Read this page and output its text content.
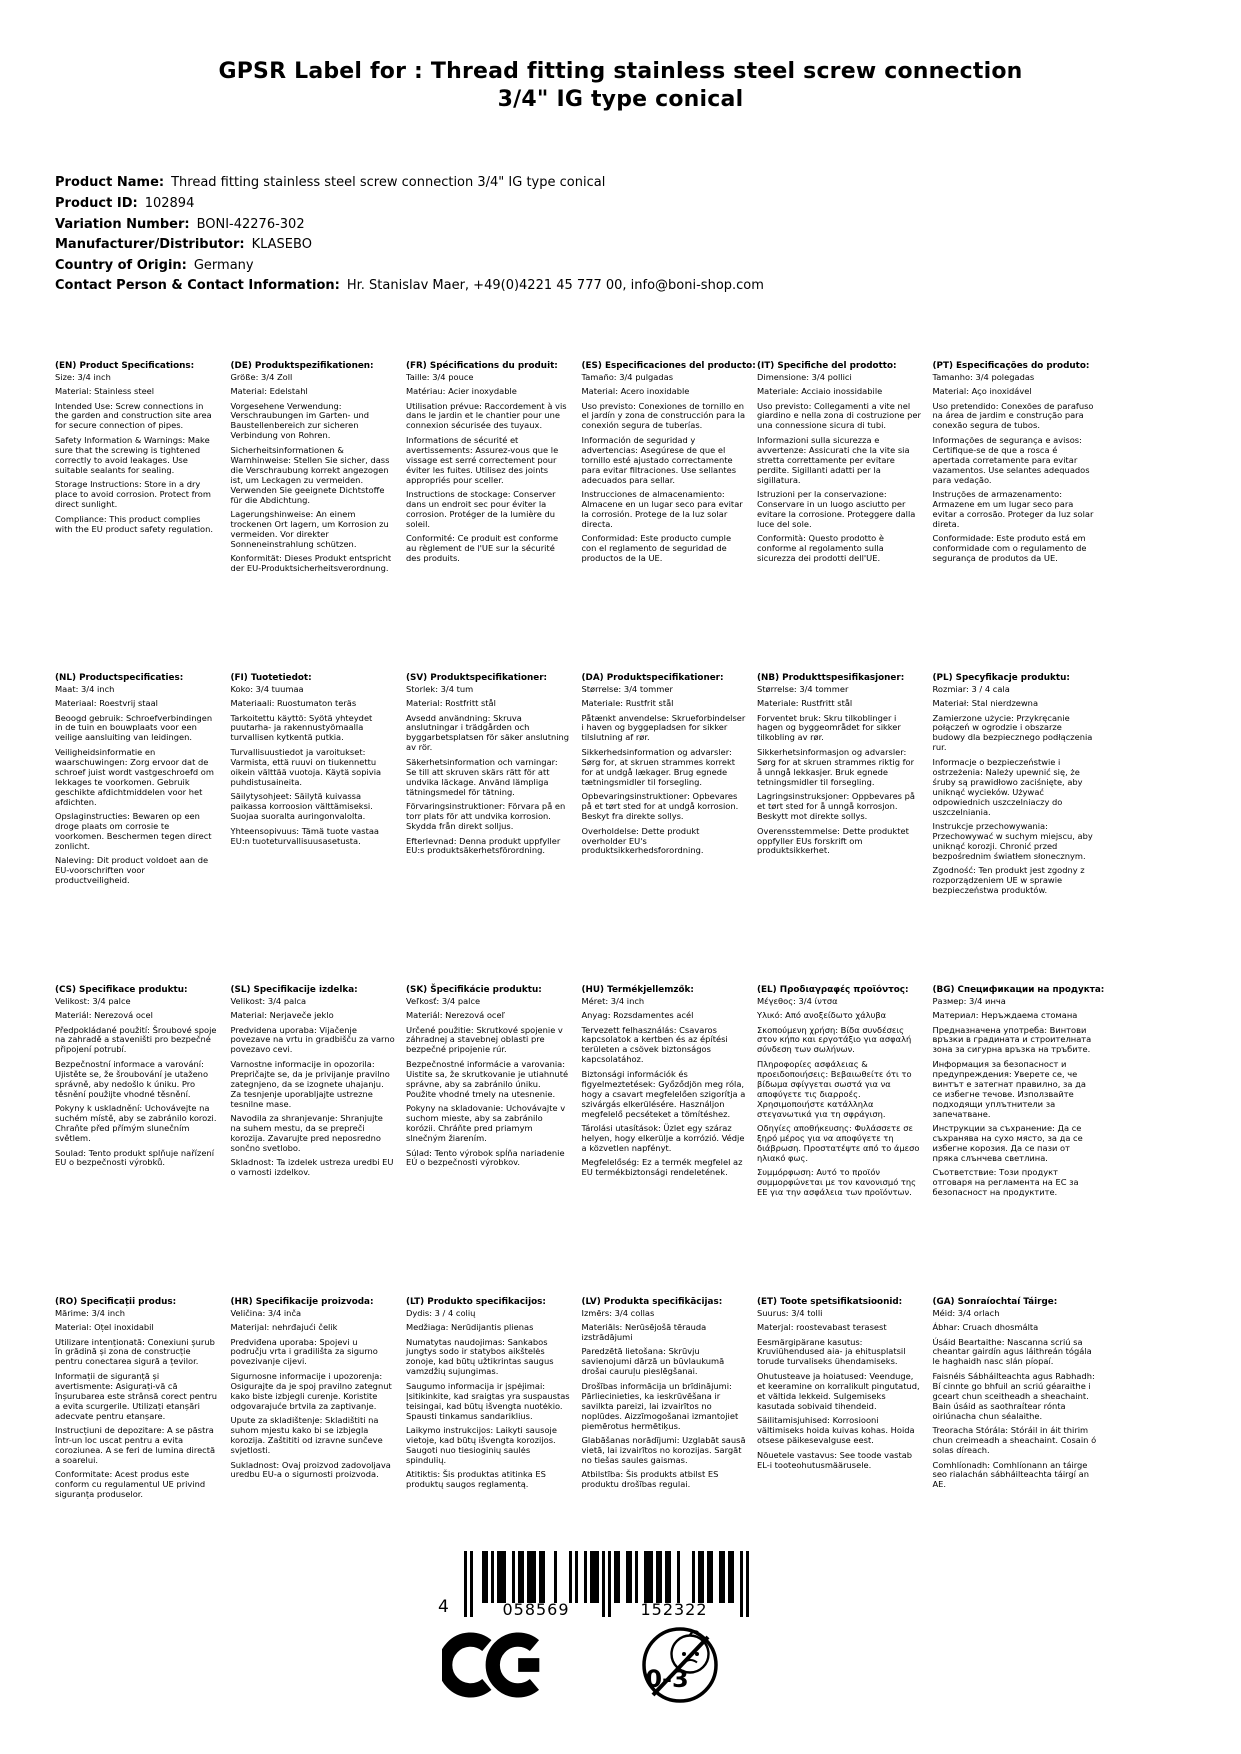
GPSR Label for : Thread fitting stainless steel screw connection
3/4" IG type conical
Product Name: Thread fitting stainless steel screw connection 3/4" IG type conical
Product ID: 102894
Variation Number: BONI-42276-302
Manufacturer/Distributor: KLASEBO
Country of Origin: Germany
Contact Person & Contact Information: Hr. Stanislav Maer, +49(0)4221 45 777 00, info@boni-shop.com
(EN) Product Specifications:

Size: 3/4 inch

Material: Stainless steel

Intended Use: Screw connections in the garden and construction site area for secure connection of pipes.

Safety Information & Warnings: Make sure that the screwing is tightened correctly to avoid leakages. Use suitable sealants for sealing.

Storage Instructions: Store in a dry place to avoid corrosion. Protect from direct sunlight.

Compliance: This product complies with the EU product safety regulation.

(DE) Produktspezifikationen:

Größe: 3/4 Zoll

Material: Edelstahl

Vorgesehene Verwendung: Verschraubungen im Garten- und Baustellenbereich zur sicheren Verbindung von Rohren.

Sicherheitsinformationen & Warnhinweise: Stellen Sie sicher, dass die Verschraubung korrekt angezogen ist, um Leckagen zu vermeiden. Verwenden Sie geeignete Dichtstoffe für die Abdichtung.

Lagerungshinweise: An einem trockenen Ort lagern, um Korrosion zu vermeiden. Vor direkter Sonneneinstrahlung schützen.

Konformität: Dieses Produkt entspricht der EU-Produktsicherheitsverordnung.

(FR) Spécifications du produit:

Taille: 3/4 pouce

Matériau: Acier inoxydable

Utilisation prévue: Raccordement à vis dans le jardin et le chantier pour une connexion sécurisée des tuyaux.

Informations de sécurité et avertissements: Assurez-vous que le vissage est serré correctement pour éviter les fuites. Utilisez des joints appropriés pour sceller.

Instructions de stockage: Conserver dans un endroit sec pour éviter la corrosion. Protéger de la lumière du soleil.

Conformité: Ce produit est conforme au règlement de l'UE sur la sécurité des produits.

(ES) Especificaciones del producto:

Tamaño: 3/4 pulgadas

Material: Acero inoxidable

Uso previsto: Conexiones de tornillo en el jardín y zona de construcción para la conexión segura de tuberías.

Información de seguridad y advertencias: Asegúrese de que el tornillo esté ajustado correctamente para evitar filtraciones. Use sellantes adecuados para sellar.

Instrucciones de almacenamiento: Almacene en un lugar seco para evitar la corrosión. Protege de la luz solar directa.

Conformidad: Este producto cumple con el reglamento de seguridad de productos de la UE.

(IT) Specifiche del prodotto:

Dimensione: 3/4 pollici

Materiale: Acciaio inossidabile

Uso previsto: Collegamenti a vite nel giardino e nella zona di costruzione per una connessione sicura di tubi.

Informazioni sulla sicurezza e avvertenze: Assicurati che la vite sia stretta correttamente per evitare perdite. Sigillanti adatti per la sigillatura.

Istruzioni per la conservazione: Conservare in un luogo asciutto per evitare la corrosione. Proteggere dalla luce del sole.

Conformità: Questo prodotto è conforme al regolamento sulla sicurezza dei prodotti dell'UE.

(PT) Especificações do produto:

Tamanho: 3/4 polegadas

Material: Aço inoxidável

Uso pretendido: Conexões de parafuso na área de jardim e construção para conexão segura de tubos.

Informações de segurança e avisos: Certifique-se de que a rosca é apertada corretamente para evitar vazamentos. Use selantes adequados para vedação.

Instruções de armazenamento: Armazene em um lugar seco para evitar a corrosão. Proteger da luz solar direta.

Conformidade: Este produto está em conformidade com o regulamento de segurança de produtos da UE.

(NL) Productspecificaties:

Maat: 3/4 inch

Materiaal: Roestvrij staal

Beoogd gebruik: Schroefverbindingen in de tuin en bouwplaats voor een veilige aansluiting van leidingen.

Veiligheidsinformatie en waarschuwingen: Zorg ervoor dat de schroef juist wordt vastgeschroefd om lekkages te voorkomen. Gebruik geschikte afdichtmiddelen voor het afdichten.

Opslaginstructies: Bewaren op een droge plaats om corrosie te voorkomen. Beschermen tegen direct zonlicht.

Naleving: Dit product voldoet aan de EU-voorschriften voor productveiligheid.

(FI) Tuotetiedot:

Koko: 3/4 tuumaa

Materiaali: Ruostumaton teräs

Tarkoitettu käyttö: Syötä yhteydet puutarha- ja rakennustyömaalla turvallisen kytkentä putkia.

Turvallisuustiedot ja varoitukset: Varmista, että ruuvi on tiukennettu oikein välttää vuotoja. Käytä sopivia puhdistusaineita.

Säilytysohjeet: Säilytä kuivassa paikassa korroosion välttämiseksi. Suojaa suoralta auringonvalolta.

Yhteensopivuus: Tämä tuote vastaa EU:n tuoteturvallisuusasetusta.

(SV) Produktspecifikationer:

Storlek: 3/4 tum

Material: Rostfritt stål

Avsedd användning: Skruva anslutningar i trädgården och byggarbetsplatsen för säker anslutning av rör.

Säkerhetsinformation och varningar: Se till att skruven skärs rätt för att undvika läckage. Använd lämpliga tätningsmedel för tätning.

Förvaringsinstruktioner: Förvara på en torr plats för att undvika korrosion. Skydda från direkt solljus.

Efterlevnad: Denna produkt uppfyller EU:s produktsäkerhetsförordning.

(DA) Produktspecifikationer:

Størrelse: 3/4 tommer

Materiale: Rustfrit stål

Påtænkt anvendelse: Skrueforbindelser i haven og byggepladsen for sikker tilslutning af rør.

Sikkerhedsinformation og advarsler: Sørg for, at skruen strammes korrekt for at undgå lækager. Brug egnede tætningsmidler til forsegling.

Opbevaringsinstruktioner: Opbevares på et tørt sted for at undgå korrosion. Beskyt fra direkte sollys.

Overholdelse: Dette produkt overholder EU's produktsikkerhedsforordning.

(NB) Produkttspesifikasjoner:

Størrelse: 3/4 tommer

Materiale: Rustfritt stål

Forventet bruk: Skru tilkoblinger i hagen og byggeområdet for sikker tilkobling av rør.

Sikkerhetsinformasjon og advarsler: Sørg for at skruen strammes riktig for å unngå lekkasjer. Bruk egnede tetningsmidler til forsegling.

Lagringsinstruksjoner: Oppbevares på et tørt sted for å unngå korrosjon. Beskytt mot direkte sollys.

Overensstemmelse: Dette produktet oppfyller EUs forskrift om produktsikkerhet.

(PL) Specyfikacje produktu:

Rozmiar: 3 / 4 cala

Materiał: Stal nierdzewna

Zamierzone użycie: Przykręcanie połączeń w ogrodzie i obszarze budowy dla bezpiecznego podłączenia rur.

Informacje o bezpieczeństwie i ostrzeżenia: Należy upewnić się, że śruby są prawidłowo zaciśnięte, aby uniknąć wycieków. Używać odpowiednich uszczelniaczy do uszczelniania.

Instrukcje przechowywania: Przechowywać w suchym miejscu, aby uniknąć korozji. Chronić przed bezpośrednim światłem słonecznym.

Zgodność: Ten produkt jest zgodny z rozporządzeniem UE w sprawie bezpieczeństwa produktów.

(CS) Specifikace produktu:

Velikost: 3/4 palce

Materiál: Nerezová ocel

Předpokládané použití: Šroubové spoje na zahradě a staveništi pro bezpečné připojení potrubí.

Bezpečnostní informace a varování: Ujistěte se, že šroubování je utaženo správně, aby nedošlo k úniku. Pro těsnění použijte vhodné těsnění.

Pokyny k uskladnění: Uchovávejte na suchém místě, aby se zabránilo korozi. Chraňte před přímým slunečním světlem.

Soulad: Tento produkt splňuje nařízení EU o bezpečnosti výrobků.

(SL) Specifikacije izdelka:

Velikost: 3/4 palca

Material: Nerjaveče jeklo

Predvidena uporaba: Vijačenje povezave na vrtu in gradbišču za varno povezavo cevi.

Varnostne informacije in opozorila: Prepričajte se, da je privijanje pravilno zategnjeno, da se izognete uhajanju. Za tesnjenje uporabljajte ustrezne tesnilne mase.

Navodila za shranjevanje: Shranjujte na suhem mestu, da se prepreči korozija. Zavarujte pred neposredno sončno svetlobo.

Skladnost: Ta izdelek ustreza uredbi EU o varnosti izdelkov.

(SK) Špecifikácie produktu:

Veľkosť: 3/4 palce

Materiál: Nerezová oceľ

Určené použitie: Skrutkové spojenie v záhradnej a stavebnej oblasti pre bezpečné pripojenie rúr.

Bezpečnostné informácie a varovania: Uistite sa, že skrutkovanie je utiahnuté správne, aby sa zabránilo úniku. Použite vhodné tmely na utesnenie.

Pokyny na skladovanie: Uchovávajte v suchom mieste, aby sa zabránilo korózii. Chráňte pred priamym slnečným žiarením.

Súlad: Tento výrobok spĺňa nariadenie EÚ o bezpečnosti výrobkov.

(HU) Termékjellemzők:

Méret: 3/4 inch

Anyag: Rozsdamentes acél

Tervezett felhasználás: Csavaros kapcsolatok a kertben és az építési területen a csövek biztonságos kapcsolatához.

Biztonsági információk és figyelmeztetések: Győződjön meg róla, hogy a csavart megfelelően szigorítja a szivárgás elkerülésére. Használjon megfelelő pecséteket a tömítéshez.

Tárolási utasítások: Üzlet egy száraz helyen, hogy elkerülje a korrózió. Védje a közvetlen napfényt.

Megfelelőség: Ez a termék megfelel az EU termékbiztonsági rendeletének.

(EL) Προδιαγραφές προϊόντος:

Μέγεθος: 3/4 ίντσα

Υλικό: Από ανοξείδωτο χάλυβα

Σκοπούμενη χρήση: Βίδα συνδέσεις στον κήπο και εργοτάξιο για ασφαλή σύνδεση των σωλήνων.

Πληροφορίες ασφάλειας & προειδοποιήσεις: Βεβαιωθείτε ότι το βίδωμα σφίγγεται σωστά για να αποφύγετε τις διαρροές. Χρησιμοποιήστε κατάλληλα στεγανωτικά για τη σφράγιση.

Οδηγίες αποθήκευσης: Φυλάσσετε σε ξηρό μέρος για να αποφύγετε τη διάβρωση. Προστατέψτε από το άμεσο ηλιακό φως.

Συμμόρφωση: Αυτό το προϊόν συμμορφώνεται με τον κανονισμό της ΕΕ για την ασφάλεια των προϊόντων.

(BG) Спецификации на продукта:

Размер: 3/4 инча

Материал: Неръждаема стомана

Предназначена употреба: Винтови връзки в градината и строителната зона за сигурна връзка на тръбите.

Информация за безопасност и предупреждения: Уверете се, че винтът е затегнат правилно, за да се избегне течове. Използвайте подходящи уплътнители за запечатване.

Инструкции за съхранение: Да се съхранява на сухо място, за да се избегне корозия. Да се пази от пряка слънчева светлина.

Съответствие: Този продукт отговаря на регламента на ЕС за безопасност на продуктите.

(RO) Specificații produs:

Mărime: 3/4 inch

Material: Oțel inoxidabil

Utilizare intenționată: Conexiuni șurub în grădină și zona de construcție pentru conectarea sigură a țevilor.

Informații de siguranță și avertismente: Asigurați-vă că înșurubarea este strânsă corect pentru a evita scurgerile. Utilizați etanșări adecvate pentru etanșare.

Instrucțiuni de depozitare: A se păstra într-un loc uscat pentru a evita coroziunea. A se feri de lumina directă a soarelui.

Conformitate: Acest produs este conform cu regulamentul UE privind siguranța produselor.

(HR) Specifikacije proizvoda:

Veličina: 3/4 inča

Materijal: nehrđajući čelik

Predviđena uporaba: Spojevi u području vrta i gradilišta za sigurno povezivanje cijevi.

Sigurnosne informacije i upozorenja: Osigurajte da je spoj pravilno zategnut kako biste izbjegli curenje. Koristite odgovarajuće brtvila za zaptivanje.

Upute za skladištenje: Skladištiti na suhom mjestu kako bi se izbjegla korozija. Zaštititi od izravne sunčeve svjetlosti.

Sukladnost: Ovaj proizvod zadovoljava uredbu EU-a o sigurnosti proizvoda.

(LT) Produkto specifikacijos:

Dydis: 3 / 4 colių

Medžiaga: Nerūdijantis plienas

Numatytas naudojimas: Sankabos jungtys sodo ir statybos aikštelės zonoje, kad būtų užtikrintas saugus vamzdžių sujungimas.

Saugumo informacija ir įspėjimai: Įsitikinkite, kad sraigtas yra suspaustas teisingai, kad būtų išvengta nuotėkio. Spausti tinkamus sandariklius.

Laikymo instrukcijos: Laikyti sausoje vietoje, kad būtų išvengta korozijos. Saugoti nuo tiesioginių saulės spindulių.

Atitiktis: Šis produktas atitinka ES produktų saugos reglamentą.

(LV) Produkta specifikācijas:

Izmērs: 3/4 collas

Materiāls: Nerūsējošā tērauda izstrādājumi

Paredzētā lietošana: Skrūvju savienojumi dārzā un būvlaukumā drošai cauruļu pieslēgšanai.

Drošības informācija un brīdinājumi: Pārliecinieties, ka ieskrūvēšana ir savilkta pareizi, lai izvairītos no noplūdes. Aizzīmogošanai izmantojiet piemērotus hermētiķus.

Glabāšanas norādījumi: Uzglabāt sausā vietā, lai izvairītos no korozijas. Sargāt no tiešas saules gaismas.

Atbilstība: Šis produkts atbilst ES produktu drošības regulai.

(ET) Toote spetsifikatsioonid:

Suurus: 3/4 tolli

Materjal: roostevabast terasest

Eesmärgipärane kasutus: Kruviühendused aia- ja ehitusplatsil torude turvaliseks ühendamiseks.

Ohutusteave ja hoiatused: Veenduge, et keeramine on korralikult pingutatud, et vältida lekkeid. Sulgemiseks kasutada sobivaid tihendeid.

Säilitamisjuhised: Korrosiooni vältimiseks hoida kuivas kohas. Hoida otsese päikesevalguse eest.

Nõuetele vastavus: See toode vastab EL-i tooteohutusmäärusele.

(GA) Sonraíochtaí Táirge:

Méid: 3/4 orlach

Ábhar: Cruach dhosmálta

Úsáid Beartaithe: Nascanna scriú sa cheantar gairdín agus láithreán tógála le haghaidh nasc slán píopaí.

Faisnéis Sábháilteachta agus Rabhadh: Bí cinnte go bhfuil an scriú géaraithe i gceart chun sceitheadh a sheachaint. Bain úsáid as saothraítear rónta oiriúnacha chun séalaithe.

Treoracha Stórála: Stóráil in áit thirim chun creimeadh a sheachaint. Cosain ó solas díreach.

Comhlíonadh: Comhlíonann an táirge seo rialachán sábháilteachta táirgí an AE.

4	058569	152322
0-3
